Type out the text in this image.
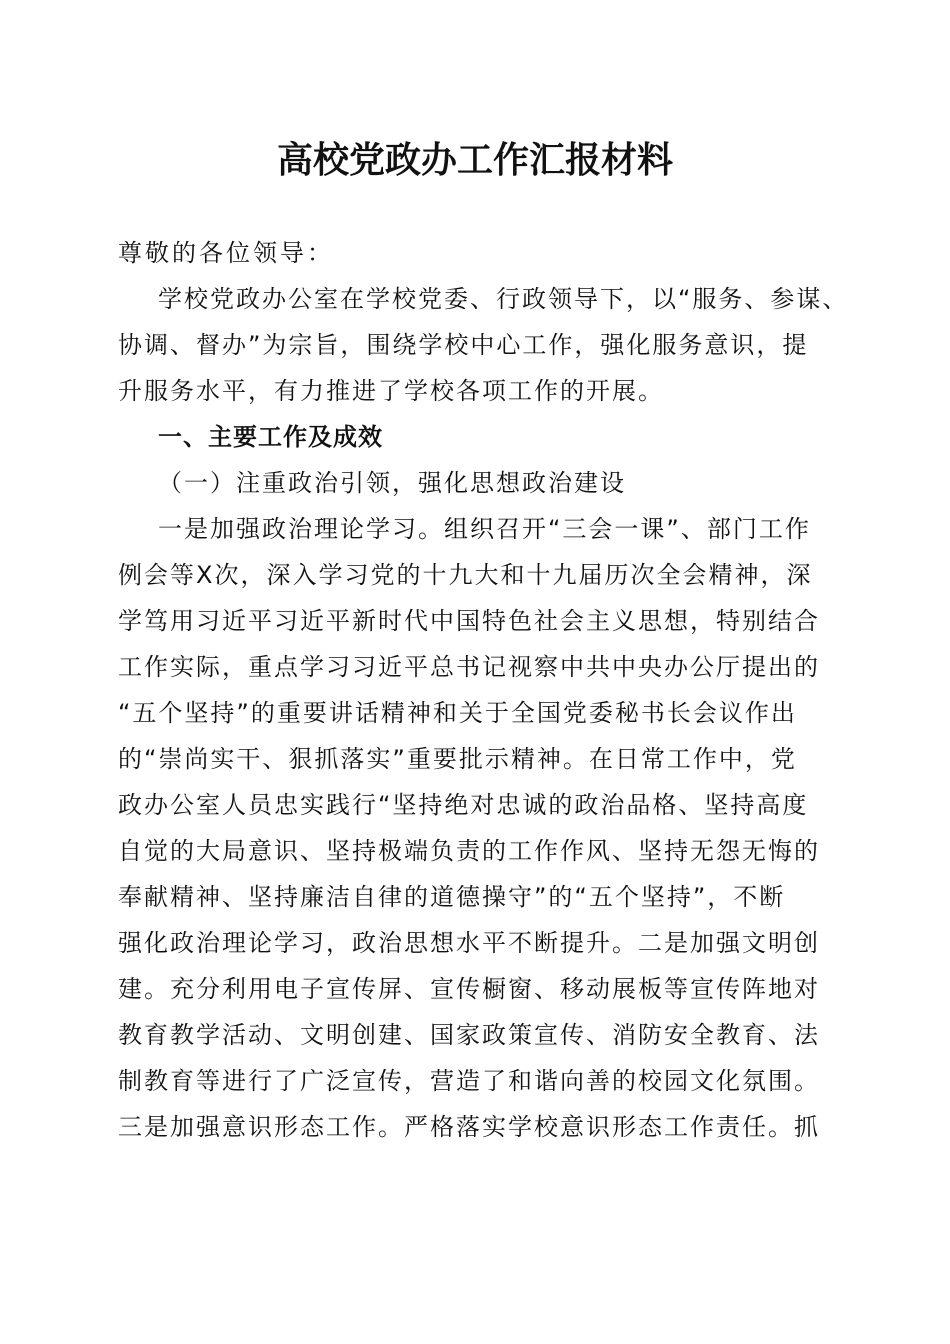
高校党政办工作汇报材料
尊敬的各位领导：
学校党政办公室在学校党委、行政领导下，以“服务、参谋、
协调、督办”为宗旨，围绕学校中心工作，强化服务意识，提
升服务水平，有力推进了学校各项工作的开展。
一、主要工作及成效
（一）注重政治引领，强化思想政治建设
一是加强政治理论学习。组织召开“三会一课”、部门工作
例会等X次，深入学习党的十九大和十九届历次全会精神，深
学笃用习近平习近平新时代中国特色社会主义思想，特别结合
工作实际，重点学习习近平总书记视察中共中央办公厅提出的
“五个坚持”的重要讲话精神和关于全国党委秘书长会议作出
的“崇尚实干、狠抓落实”重要批示精神。在日常工作中，党
政办公室人员忠实践行“坚持绝对忠诚的政治品格、坚持高度
自觉的大局意识、坚持极端负责的工作作风、坚持无怨无悔的
奉献精神、坚持廉洁自律的道德操守”的“五个坚持”，不断
强化政治理论学习，政治思想水平不断提升。二是加强文明创
建。充分利用电子宣传屏、宣传橱窗、移动展板等宣传阵地对
教育教学活动、文明创建、国家政策宣传、消防安全教育、法
制教育等进行了广泛宣传，营造了和谐向善的校园文化氛围。
三是加强意识形态工作。严格落实学校意识形态工作责任。抓
